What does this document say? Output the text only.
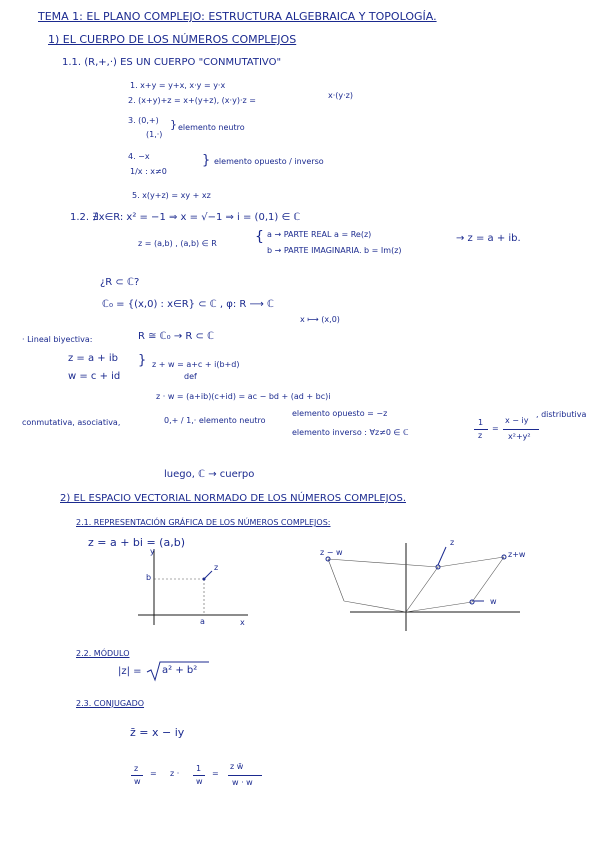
TEMA 1: EL PLANO COMPLEJO: ESTRUCTURA ALGEBRAICA Y TOPOLOGÍA.
1) EL CUERPO DE LOS NÚMEROS COMPLEJOS
1.1. (R,+,·) ES UN CUERPO "CONMUTATIVO"
1. x+y = y+x, x·y = y·x
2. (x+y)+z = x+(y+z), (x·y)·z =
x·(y·z)
3. (0,+)
(1,·)
} elemento neutro
4. −x
1/x : x≠0
} elemento opuesto / inverso
5. x(y+z) = xy + xz
1.2. ∄x∈R: x² = −1 ⇒ x = √−1 ⇒ i = (0,1) ∈ ℂ
z = (a,b) , (a,b) ∈ R	{ a → PARTE REAL a = Re(z)
b → PARTE IMAGINARIA. b = Im(z)
→ z = a + ib.
¿R ⊂ ℂ?
ℂ₀ = {(x,0) : x∈R} ⊂ ℂ , φ: R ⟶ ℂ
x ⟼ (x,0)
· Lineal biyectiva:	R ≅ ℂ₀ → R ⊂ ℂ
z = a + ib
w = c + id
} z + w = a+c + i(b+d)
def
z · w = (a+ib)(c+id) = ac − bd + (ad + bc)i
conmutativa, asociativa,	0,+ / 1,· elemento neutro
elemento opuesto = −z
elemento inverso : ∀z≠0 ∈ ℂ
1
z
=
x − iy
x²+y²
, distributiva
luego, ℂ → cuerpo
2) EL ESPACIO VECTORIAL NORMADO DE LOS NÚMEROS COMPLEJOS.
2.1. REPRESENTACIÓN GRÁFICA DE LOS NÚMEROS COMPLEJOS:
z = a + bi = (a,b)
y
x
b
a
z
z − w
z
z+w
w
2.2. MÓDULO
|z| = a² + b²
2.3. CONJUGADO
z̄ = x − iy
z
w
= z ·
1
w
=
z w̄
w · w
